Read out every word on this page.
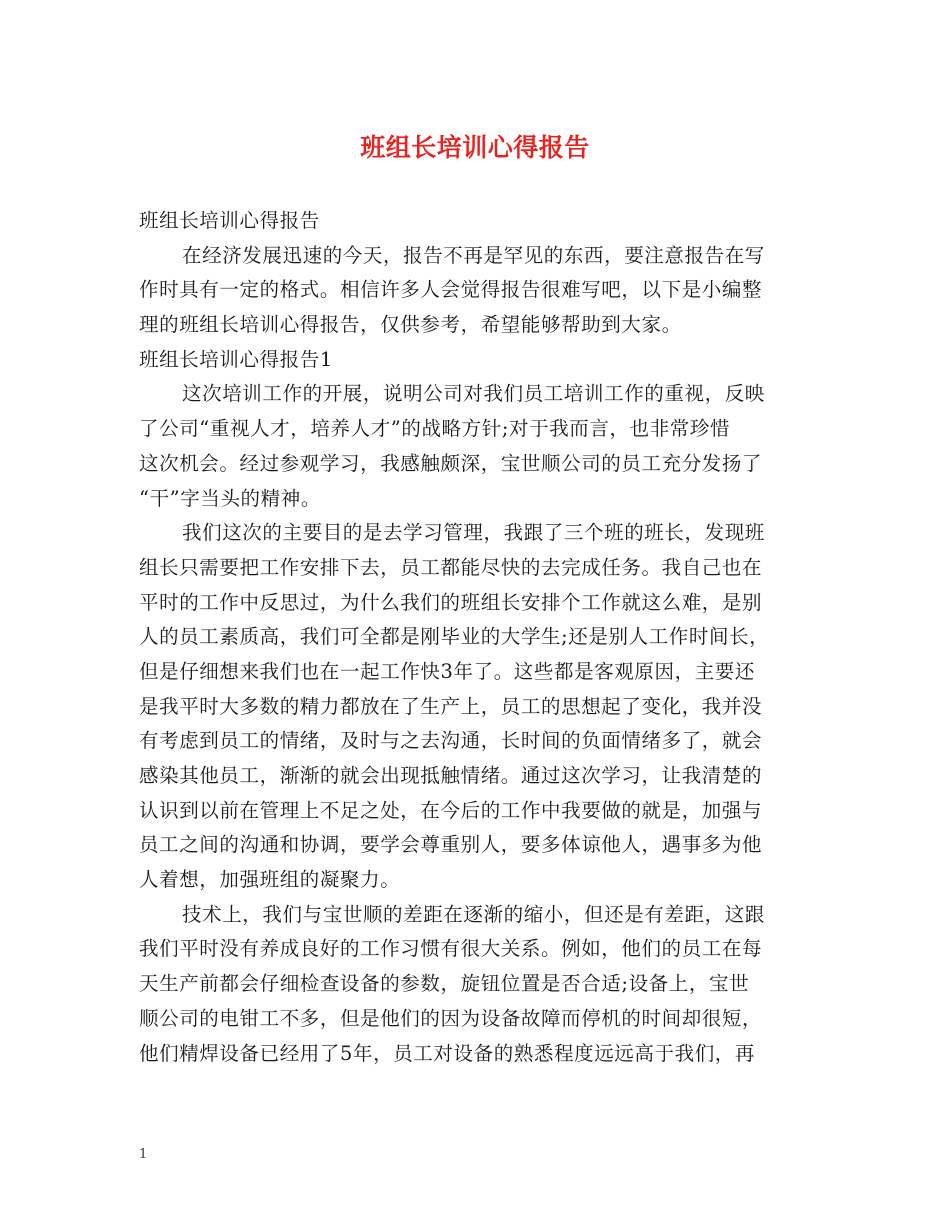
班组长培训心得报告
班组长培训心得报告
在经济发展迅速的今天，报告不再是罕见的东西，要注意报告在写
作时具有一定的格式。相信许多人会觉得报告很难写吧，以下是小编整
理的班组长培训心得报告，仅供参考，希望能够帮助到大家。
班组长培训心得报告1
这次培训工作的开展，说明公司对我们员工培训工作的重视，反映
了公司“重视人才，培养人才”的战略方针;对于我而言，也非常珍惜
这次机会。经过参观学习，我感触颇深，宝世顺公司的员工充分发扬了
“干”字当头的精神。
我们这次的主要目的是去学习管理，我跟了三个班的班长，发现班
组长只需要把工作安排下去，员工都能尽快的去完成任务。我自己也在
平时的工作中反思过，为什么我们的班组长安排个工作就这么难，是别
人的员工素质高，我们可全都是刚毕业的大学生;还是别人工作时间长，
但是仔细想来我们也在一起工作快3年了。这些都是客观原因，主要还
是我平时大多数的精力都放在了生产上，员工的思想起了变化，我并没
有考虑到员工的情绪，及时与之去沟通，长时间的负面情绪多了，就会
感染其他员工，渐渐的就会出现抵触情绪。通过这次学习，让我清楚的
认识到以前在管理上不足之处，在今后的工作中我要做的就是，加强与
员工之间的沟通和协调，要学会尊重别人，要多体谅他人，遇事多为他
人着想，加强班组的凝聚力。
技术上，我们与宝世顺的差距在逐渐的缩小，但还是有差距，这跟
我们平时没有养成良好的工作习惯有很大关系。例如，他们的员工在每
天生产前都会仔细检查设备的参数，旋钮位置是否合适;设备上，宝世
顺公司的电钳工不多，但是他们的因为设备故障而停机的时间却很短，
他们精焊设备已经用了5年，员工对设备的熟悉程度远远高于我们，再
1
